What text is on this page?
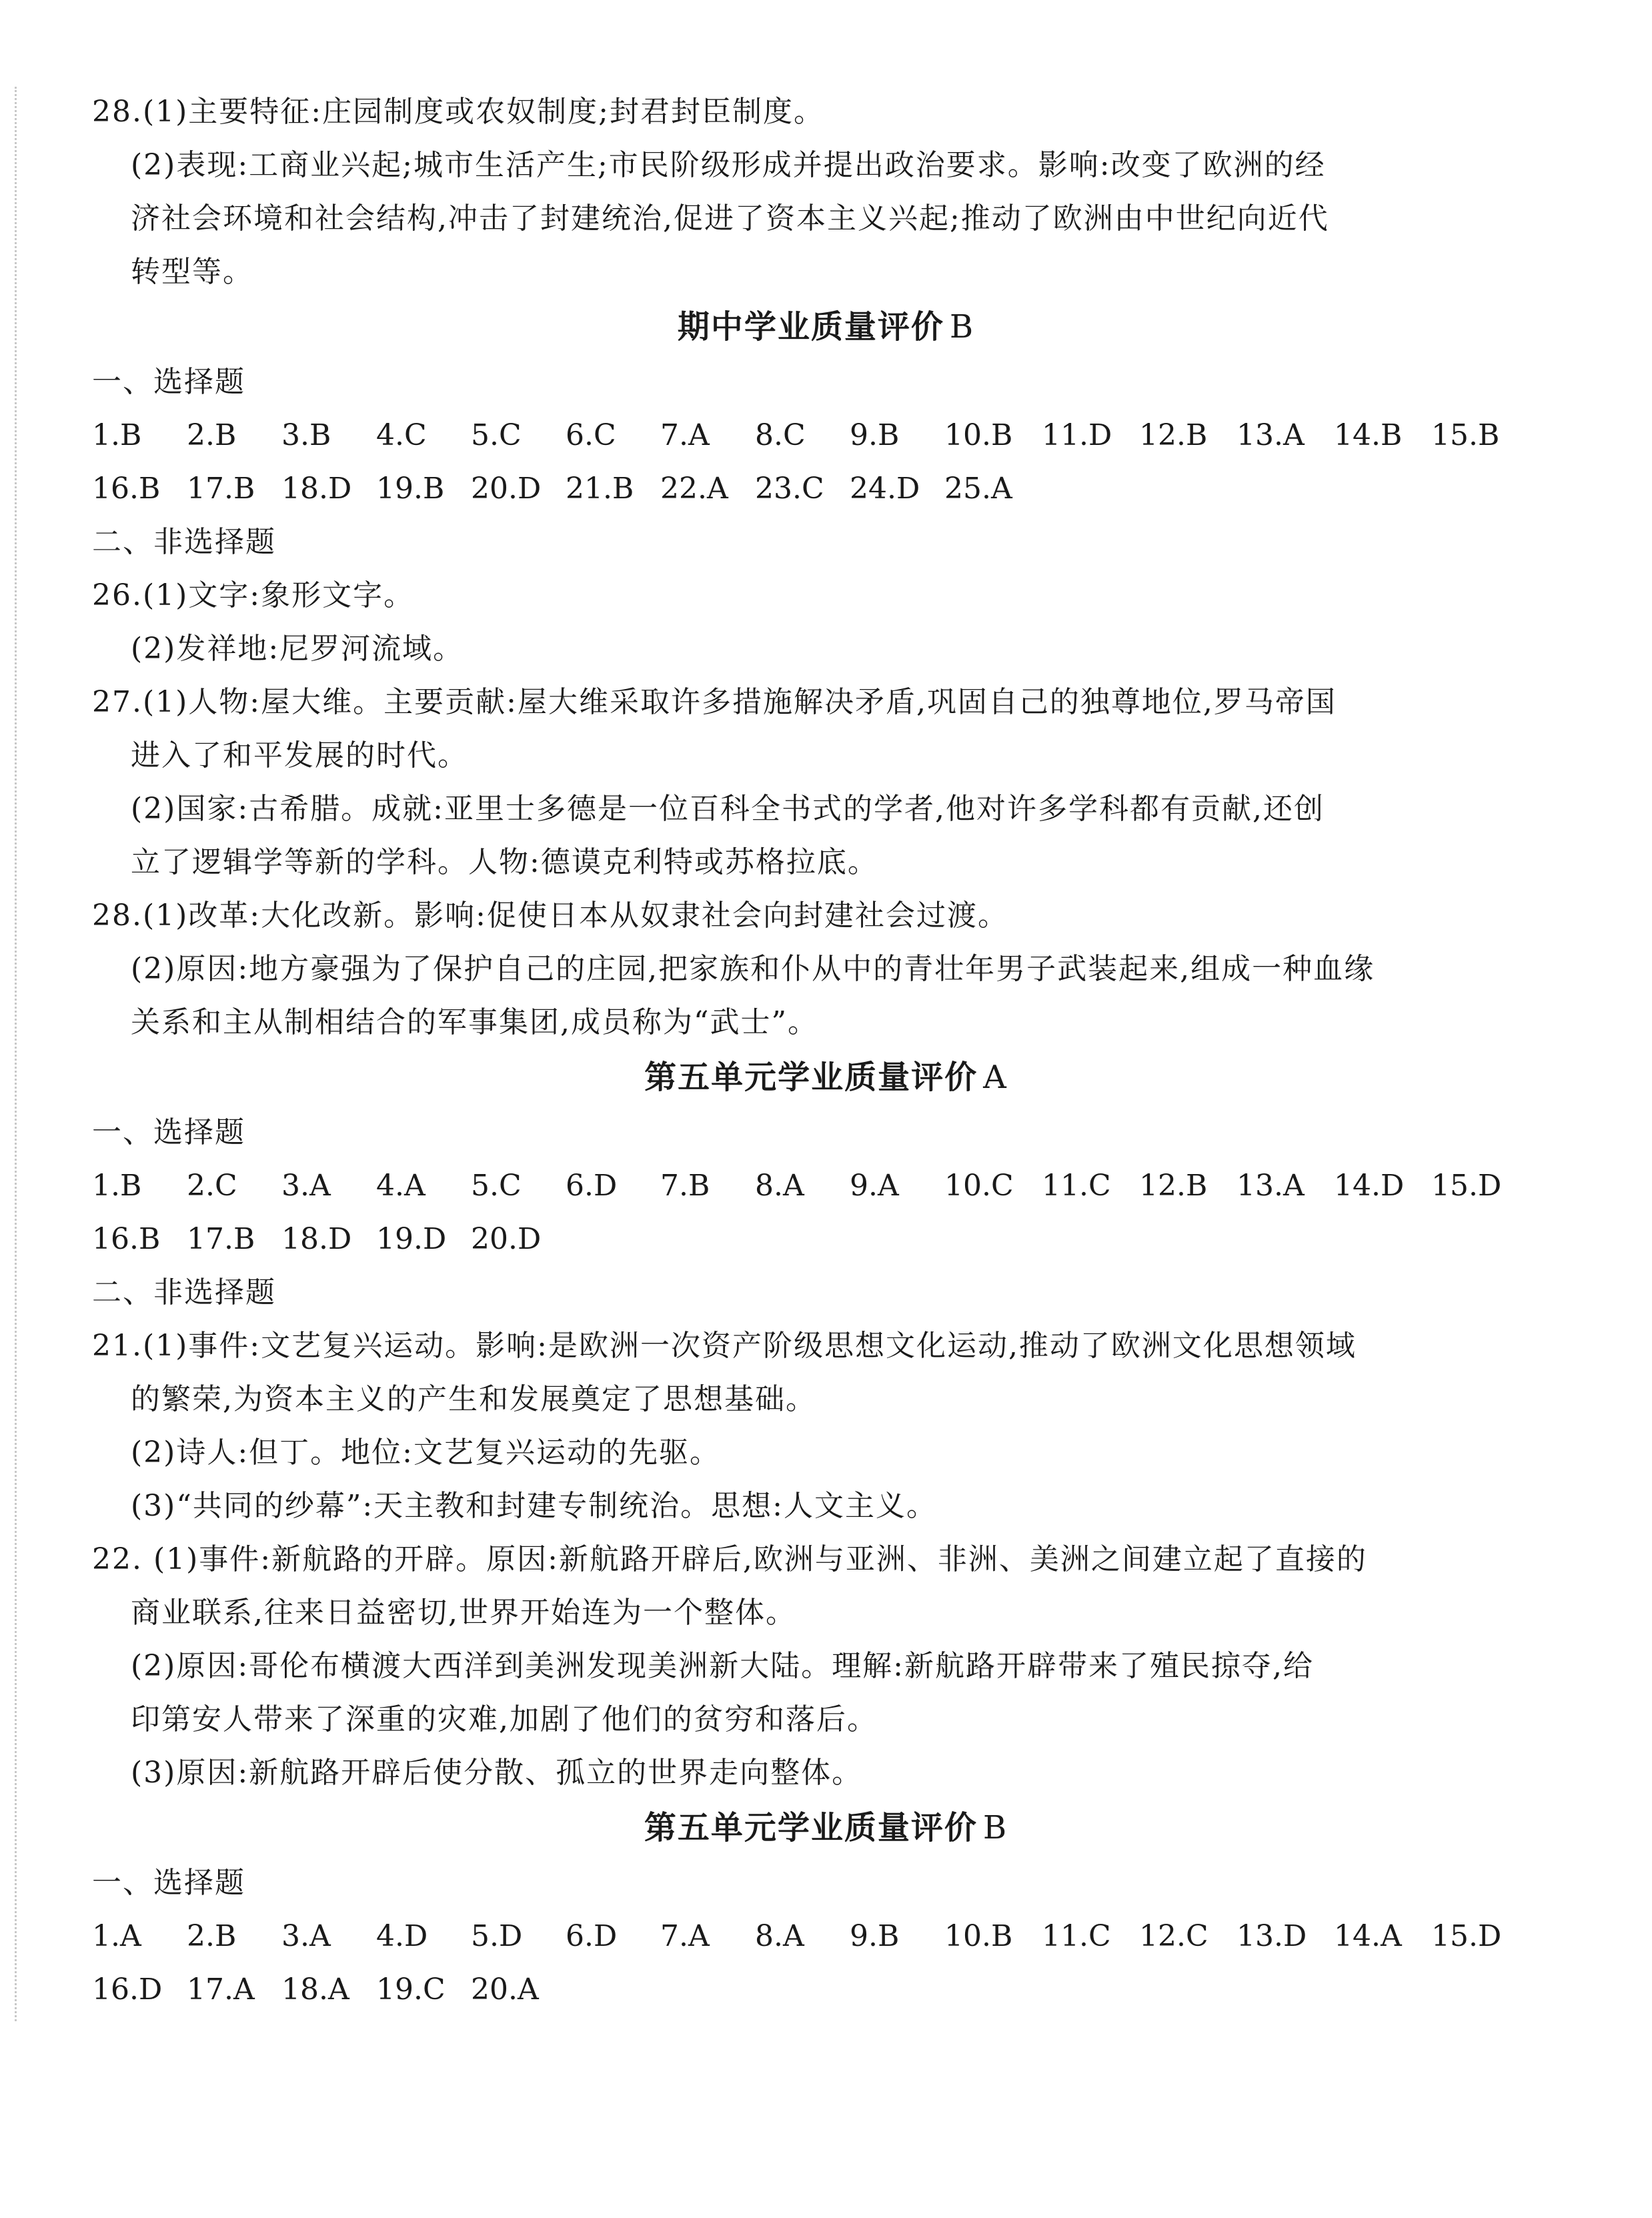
28.(1)主要特征:庄园制度或农奴制度;封君封臣制度。
(2)表现:工商业兴起;城市生活产生;市民阶级形成并提出政治要求。影响:改变了欧洲的经
济社会环境和社会结构,冲击了封建统治,促进了资本主义兴起;推动了欧洲由中世纪向近代
转型等。
期中学业质量评价 B
一、选择题
1.B	2.B	3.B	4.C	5.C	6.C	7.A	8.C	9.B	10.B 11.D 12.B 13.A	14.B 15.B
16.B 17.B 18.D 19.B 20.D 21.B 22.A 23.C 24.D 25.A
二、非选择题
26.(1)文字:象形文字。
(2)发祥地:尼罗河流域。
27.(1)人物:屋大维。主要贡献:屋大维采取许多措施解决矛盾,巩固自己的独尊地位,罗马帝国
进入了和平发展的时代。
(2)国家:古希腊。成就:亚里士多德是一位百科全书式的学者,他对许多学科都有贡献,还创
立了逻辑学等新的学科。人物:德谟克利特或苏格拉底。
28.(1)改革:大化改新。影响:促使日本从奴隶社会向封建社会过渡。
(2)原因:地方豪强为了保护自己的庄园,把家族和仆从中的青壮年男子武装起来,组成一种血缘
关系和主从制相结合的军事集团,成员称为“武士”。
第五单元学业质量评价 A
一、选择题
1.B	2.C	3.A	4.A	5.C	6.D	7.B	8.A	9.A	10.C 11.C 12.B 13.A	14.D 15.D
16.B 17.B 18.D 19.D 20.D
二、非选择题
21.(1)事件:文艺复兴运动。影响:是欧洲一次资产阶级思想文化运动,推动了欧洲文化思想领域
的繁荣,为资本主义的产生和发展奠定了思想基础。
(2)诗人:但丁。地位:文艺复兴运动的先驱。
(3)“共同的纱幕”:天主教和封建专制统治。思想:人文主义。
22. (1)事件:新航路的开辟。原因:新航路开辟后,欧洲与亚洲、非洲、美洲之间建立起了直接的
商业联系,往来日益密切,世界开始连为一个整体。
(2)原因:哥伦布横渡大西洋到美洲发现美洲新大陆。理解:新航路开辟带来了殖民掠夺,给
印第安人带来了深重的灾难,加剧了他们的贫穷和落后。
(3)原因:新航路开辟后使分散、孤立的世界走向整体。
第五单元学业质量评价 B
一、选择题
1.A	2.B	3.A	4.D	5.D	6.D	7.A	8.A	9.B	10.B 11.C 12.C 13.D 14.A	15.D
16.D 17.A 18.A 19.C 20.A
